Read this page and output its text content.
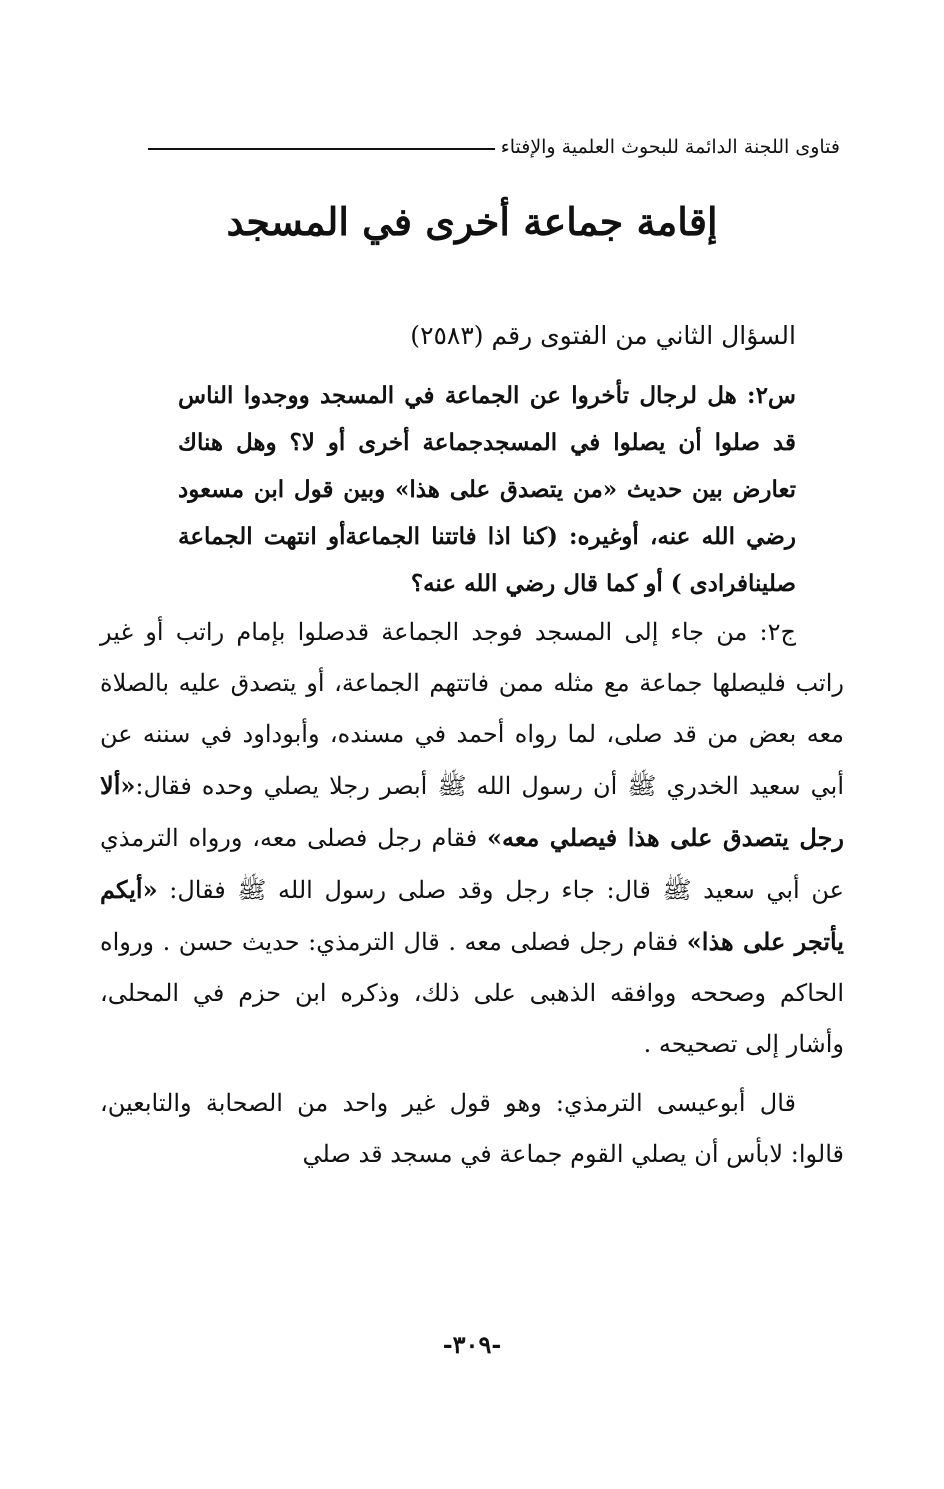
فتاوى اللجنة الدائمة للبحوث العلمية والإفتاء
إقامة جماعة أخرى في المسجد

السؤال الثاني من الفتوى رقم (٢٥٨٣)

س٢: هل لرجال تأخروا عن الجماعة في المسجد ووجدوا الناس قد صلوا أن يصلوا في المسجدجماعة أخرى أو لا؟ وهل هناك تعارض بين حديث «من يتصدق على هذا» وبين قول ابن مسعود رضي الله عنه، أوغيره: (كنا اذا فاتتنا الجماعةأو انتهت الجماعة صلينافرادى ) أو كما قال رضي الله عنه؟

ج٢: من جاء إلى المسجد فوجد الجماعة قدصلوا بإمام راتب أو غير راتب فليصلها جماعة مع مثله ممن فاتتهم الجماعة، أو يتصدق عليه بالصلاة معه بعض من قد صلى، لما رواه أحمد في مسنده، وأبوداود في سننه عن أبي سعيد الخدري ﷺ أن رسول الله ﷺ أبصر رجلا يصلي وحده فقال:«ألا رجل يتصدق على هذا فيصلي معه» فقام رجل فصلى معه، ورواه الترمذي عن أبي سعيد ﷺ قال: جاء رجل وقد صلى رسول الله ﷺ فقال: «أيكم يأتجر على هذا» فقام رجل فصلى معه . قال الترمذي: حديث حسن . ورواه الحاكم وصححه ووافقه الذهبى على ذلك، وذكره ابن حزم في المحلى، وأشار إلى تصحيحه .

قال أبوعيسى الترمذي: وهو قول غير واحد من الصحابة والتابعين، قالوا: لابأس أن يصلي القوم جماعة في مسجد قد صلي

-٣٠٩-
